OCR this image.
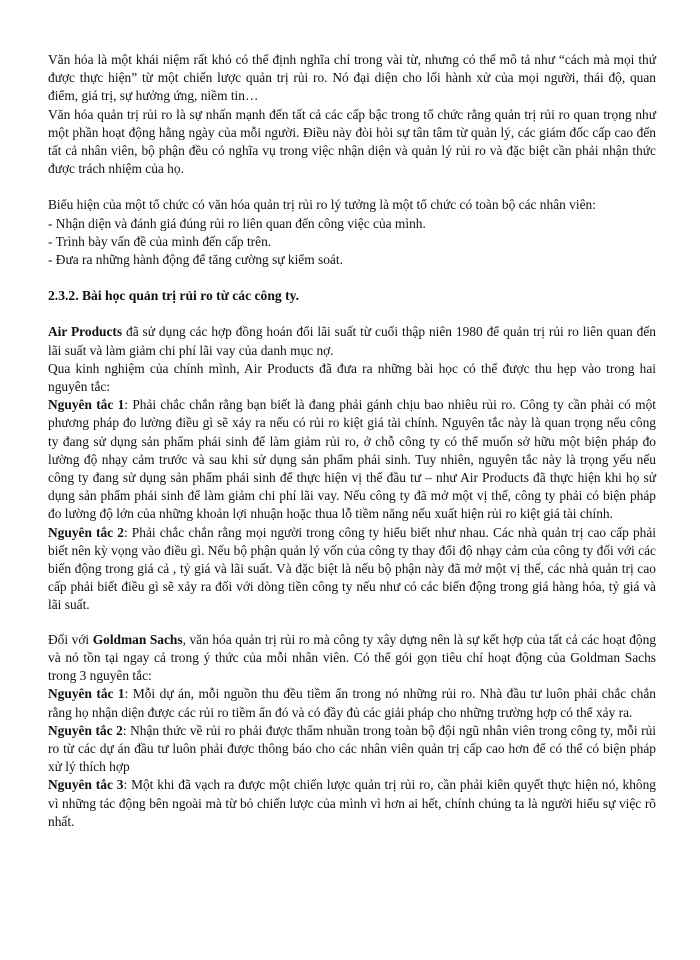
Văn hóa là một khái niệm rất khó có thể định nghĩa chỉ trong vài từ, nhưng có thể mô tả như “cách mà mọi thứ được thực hiện” từ một chiến lược quản trị rủi ro. Nó đại diện cho lối hành xử của mọi người, thái độ, quan điểm, giá trị, sự hưởng ứng, niềm tin…

Văn hóa quản trị rủi ro là sự nhấn mạnh đến tất cả các cấp bậc trong tổ chức rằng quản trị rủi ro quan trọng như một phần hoạt động hằng ngày của mỗi người. Điều này đòi hỏi sự tân tâm từ quản lý, các giám đốc cấp cao đến tất cả nhân viên, bộ phận đều có nghĩa vụ trong việc nhận diện và quản lý rủi ro và đặc biệt cần phải nhận thức được trách nhiệm của họ.

Biểu hiện của một tổ chức có văn hóa quản trị rủi ro lý tưởng là một tổ chức có toàn bộ các nhân viên:

- Nhận diện và đánh giá đúng rủi ro liên quan đến công việc của mình.

- Trình bày vấn đề của mình đến cấp trên.

- Đưa ra những hành động để tăng cường sự kiểm soát.

2.3.2. Bài học quản trị rủi ro từ các công ty.

Air Products đã sử dụng các hợp đồng hoán đổi lãi suất từ cuối thập niên 1980 để quản trị rủi ro liên quan đến lãi suất và làm giảm chi phí lãi vay của danh mục nợ.

Qua kinh nghiệm của chính mình, Air Products đã đưa ra những bài học có thể được thu hẹp vào trong hai nguyên tắc:

Nguyên tắc 1: Phải chắc chắn rằng bạn biết là đang phải gánh chịu bao nhiêu rủi ro. Công ty cần phải có một phương pháp đo lường điều gì sẽ xảy ra nếu có rủi ro kiệt giá tài chính. Nguyên tắc này là quan trọng nếu công ty đang sử dụng sản phẩm phái sinh để làm giảm rủi ro, ở chỗ công ty có thể muốn sở hữu một biện pháp đo lường độ nhạy cảm trước và sau khi sử dụng sản phẩm phái sinh. Tuy nhiên, nguyên tắc này là trọng yếu nếu công ty đang sử dụng sản phẩm phái sinh để thực hiện vị thế đầu tư – như Air Products đã thực hiện khi họ sử dụng sản phẩm phái sinh để làm giảm chi phí lãi vay. Nếu công ty đã mở một vị thế, công ty phải có biện pháp đo lường độ lớn của những khoản lợi nhuận hoặc thua lỗ tiềm năng nếu xuất hiện rủi ro kiệt giá tài chính.

Nguyên tắc 2: Phải chắc chắn rằng mọi người trong công ty hiểu biết như nhau. Các nhà quản trị cao cấp phải biết nên kỳ vọng vào điều gì. Nếu bộ phận quản lý vốn của công ty thay đổi độ nhạy cảm của công ty đối với các biến động trong giá cả , tỷ giá và lãi suất. Và đặc biệt là nếu bộ phận này đã mở một vị thế, các nhà quản trị cao cấp phải biết điều gì sẽ xảy ra đối với dòng tiền công ty nếu như có các biến động trong giá hàng hóa, tỷ giá và lãi suất.

Đối với Goldman Sachs, văn hóa quản trị rủi ro mà công ty xây dựng nên là sự kết hợp của tất cả các hoạt động và nó tồn tại ngay cả trong ý thức của mỗi nhân viên. Có thể gói gọn tiêu chí hoạt động của Goldman Sachs trong 3 nguyên tắc:

Nguyên tắc 1: Mỗi dự án, mỗi nguồn thu đều tiềm ẩn trong nó những rủi ro. Nhà đầu tư luôn phải chắc chắn rằng họ nhận diện được các rủi ro tiềm ẩn đó và có đầy đủ các giải pháp cho những trường hợp có thể xảy ra.

Nguyên tắc 2: Nhận thức về rủi ro phải được thẩm nhuần trong toàn bộ đội ngũ nhân viên trong công ty, mỗi rủi ro từ các dự án đầu tư luôn phải được thông báo cho các nhân viên quản trị cấp cao hơn để có thể có biện pháp xử lý thích hợp

Nguyên tắc 3: Một khi đã vạch ra được một chiến lược quản trị rủi ro, cần phải kiên quyết thực hiện nó, không vì những tác động bên ngoài mà từ bỏ chiến lược của mình vì hơn ai hết, chính chúng ta là người hiểu sự việc rõ nhất.
